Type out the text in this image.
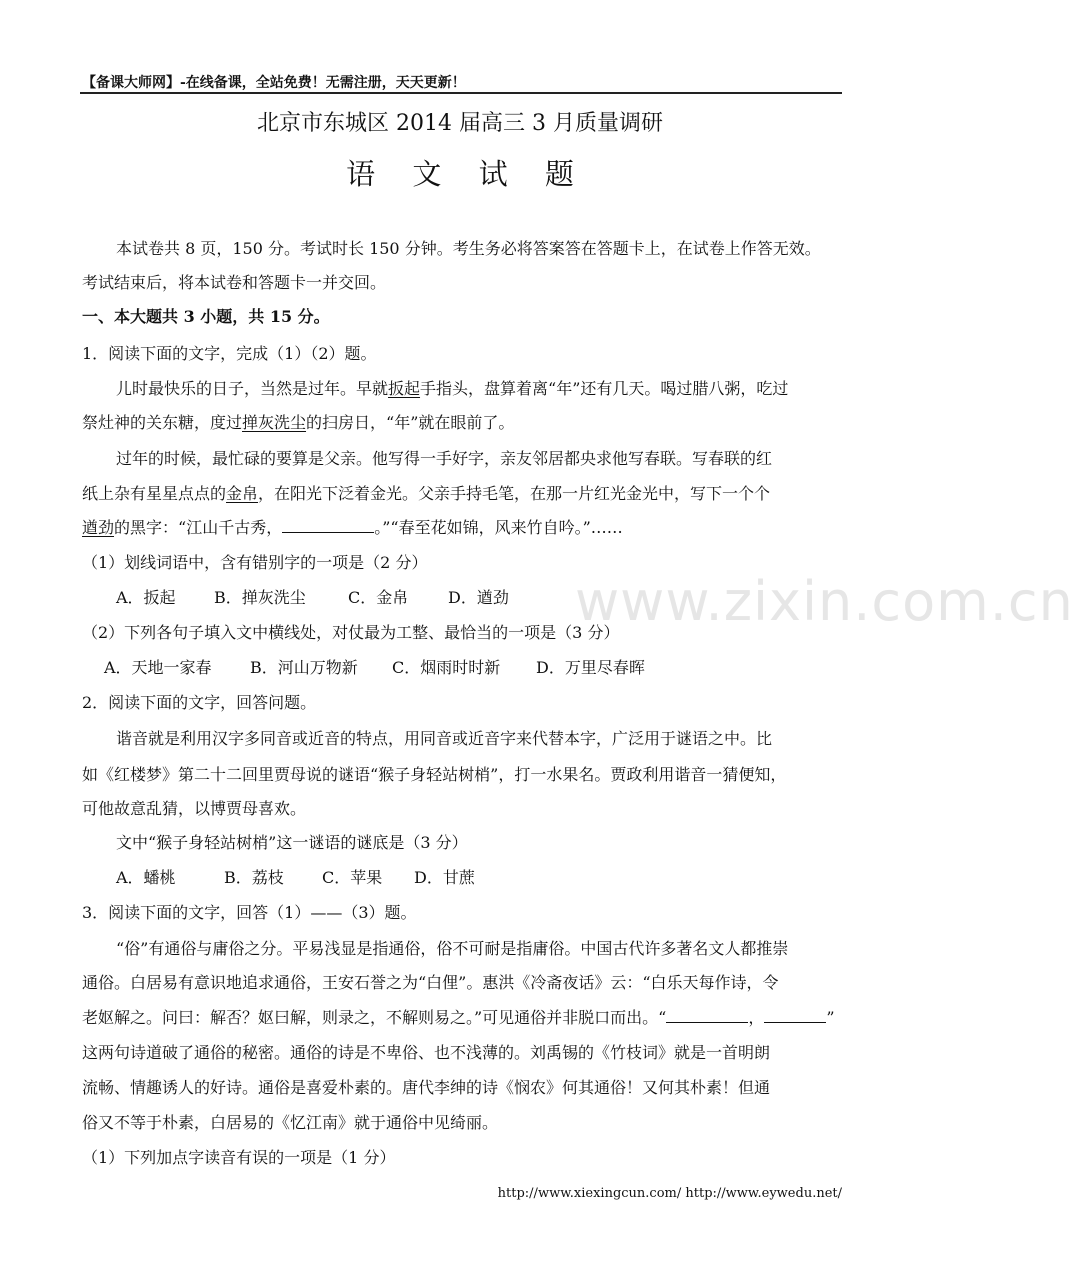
【备课大师网】-在线备课，全站免费！无需注册，天天更新！
北京市东城区 2014 届高三 3 月质量调研
语 文 试 题
本试卷共 8 页，150 分。考试时长 150 分钟。考生务必将答案答在答题卡上，在试卷上作答无效。
考试结束后，将本试卷和答题卡一并交回。
一、本大题共 3 小题，共 15 分。
1．阅读下面的文字，完成（1）（2）题。
儿时最快乐的日子，当然是过年。早就扳起手指头，盘算着离“年”还有几天。喝过腊八粥，吃过
祭灶神的关东糖，度过掸灰洗尘的扫房日，“年”就在眼前了。
过年的时候，最忙碌的要算是父亲。他写得一手好字，亲友邻居都央求他写春联。写春联的红
纸上杂有星星点点的金帛，在阳光下泛着金光。父亲手持毛笔，在那一片红光金光中，写下一个个
遒劲的黑字：“江山千古秀，	。”“春至花如锦，风来竹自吟。”……
（1）划线词语中，含有错别字的一项是（2 分）
A．扳起 B．掸灰洗尘	C．金帛 D．遒劲
（2）下列各句子填入文中横线处，对仗最为工整、最恰当的一项是（3 分）
A．天地一家春 B．河山万物新 C．烟雨时时新 D．万里尽春晖
2．阅读下面的文字，回答问题。
谐音就是利用汉字多同音或近音的特点，用同音或近音字来代替本字，广泛用于谜语之中。比
如《红楼梦》第二十二回里贾母说的谜语“猴子身轻站树梢”，打一水果名。贾政利用谐音一猜便知，
可他故意乱猜，以博贾母喜欢。
文中“猴子身轻站树梢”这一谜语的谜底是（3 分）
A．蟠桃	B．荔枝 C．苹果 D．甘蔗
3．阅读下面的文字，回答（1）——（3）题。
“俗”有通俗与庸俗之分。平易浅显是指通俗，俗不可耐是指庸俗。中国古代许多著名文人都推崇
通俗。白居易有意识地追求通俗，王安石誉之为“白俚”。惠洪《冷斋夜话》云：“白乐天每作诗，令
老妪解之。问曰：解否？妪曰解，则录之，不解则易之。”可见通俗并非脱口而出。“	，	”
这两句诗道破了通俗的秘密。通俗的诗是不卑俗、也不浅薄的。刘禹锡的《竹枝词》就是一首明朗
流畅、情趣诱人的好诗。通俗是喜爱朴素的。唐代李绅的诗《悯农》何其通俗！又何其朴素！但通
俗又不等于朴素，白居易的《忆江南》就于通俗中见绮丽。
（1）下列加点字读音有误的一项是（1 分）
www.zixin.com.cn
http://www.xiexingcun.com/ http://www.eywedu.net/
